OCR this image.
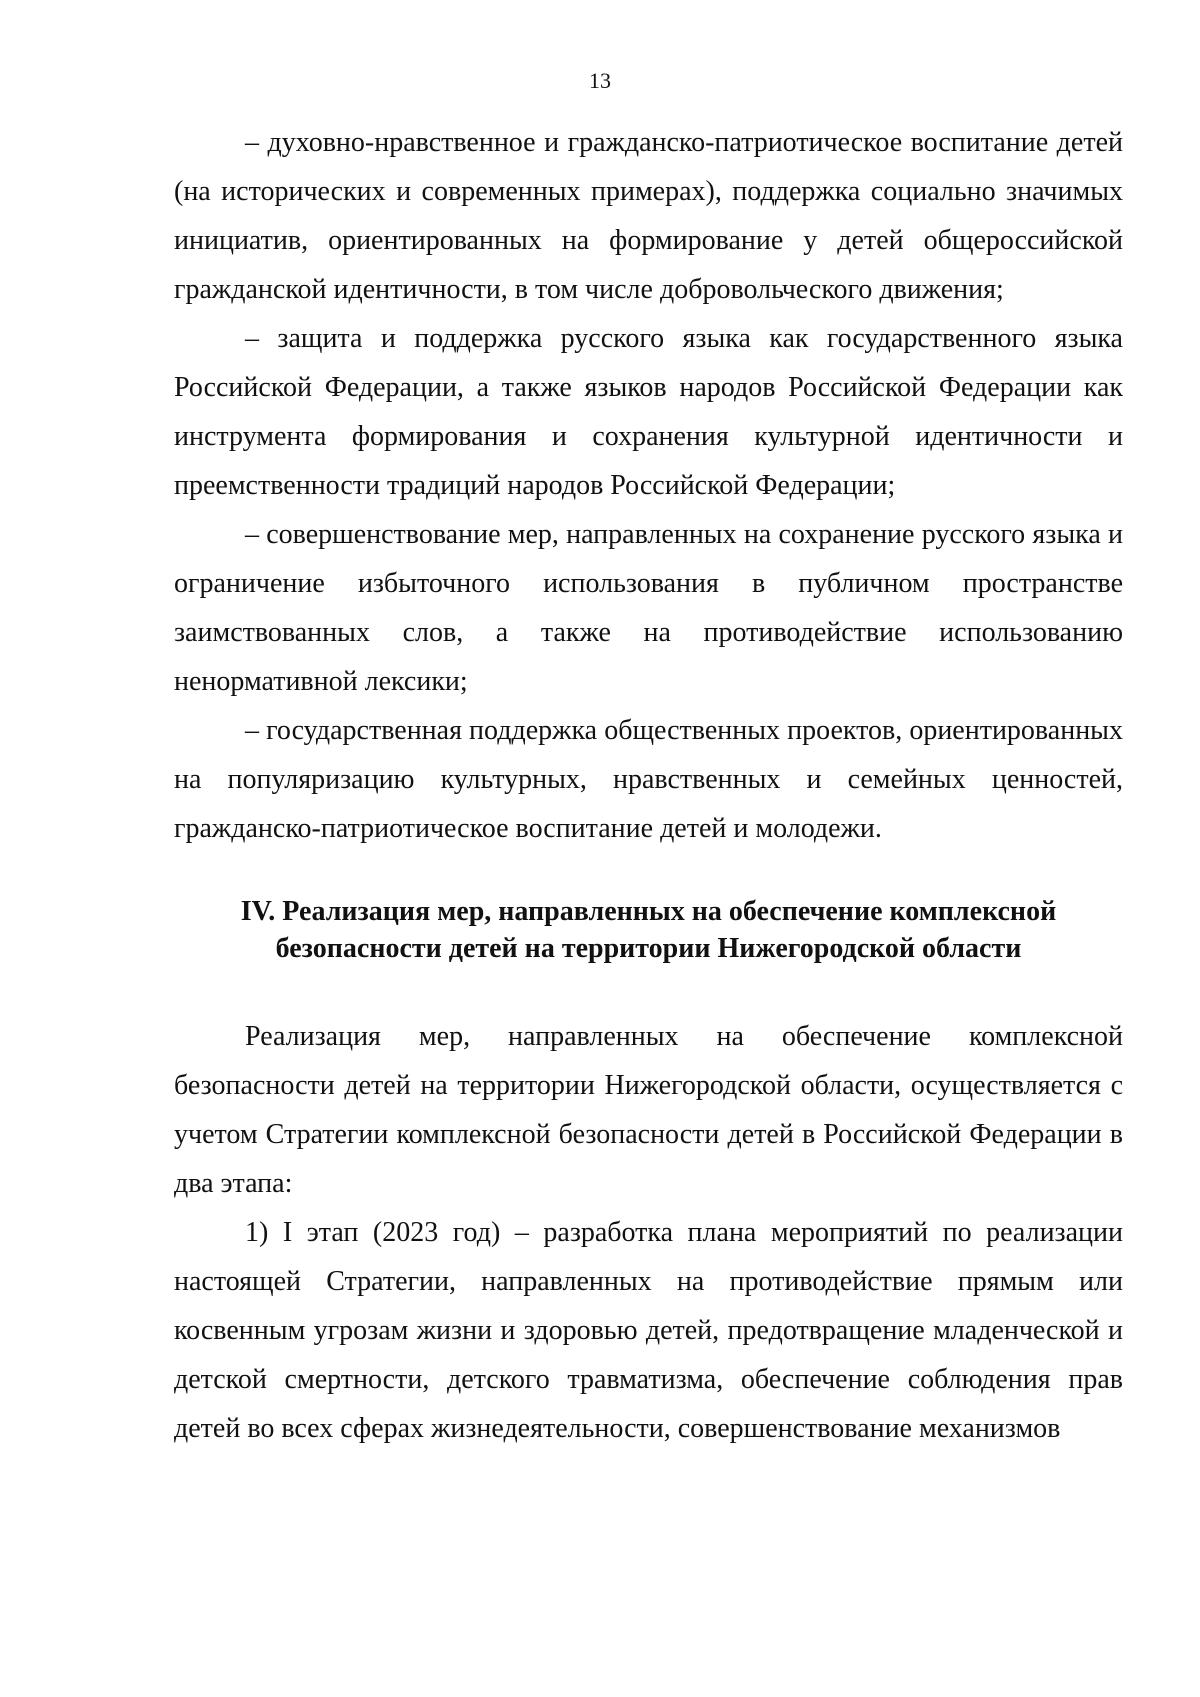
13

– духовно-нравственное и гражданско-патриотическое воспитание детей (на исторических и современных примерах), поддержка социально значимых инициатив, ориентированных на формирование у детей общероссийской гражданской идентичности, в том числе добровольческого движения;

– защита и поддержка русского языка как государственного языка Российской Федерации, а также языков народов Российской Федерации как инструмента формирования и сохранения культурной идентичности и преемственности традиций народов Российской Федерации;

– совершенствование мер, направленных на сохранение русского языка и ограничение избыточного использования в публичном пространстве заимствованных слов, а также на противодействие использованию ненормативной лексики;

– государственная поддержка общественных проектов, ориентированных на популяризацию культурных, нравственных и семейных ценностей, гражданско-патриотическое воспитание детей и молодежи.

IV. Реализация мер, направленных на обеспечение комплексной
безопасности детей на территории Нижегородской области

Реализация мер, направленных на обеспечение комплексной безопасности детей на территории Нижегородской области, осуществляется с учетом Стратегии комплексной безопасности детей в Российской Федерации в два этапа:

1) I этап (2023 год) – разработка плана мероприятий по реализации настоящей Стратегии, направленных на противодействие прямым или косвенным угрозам жизни и здоровью детей, предотвращение младенческой и детской смертности, детского травматизма, обеспечение соблюдения прав детей во всех сферах жизнедеятельности, совершенствование механизмов
